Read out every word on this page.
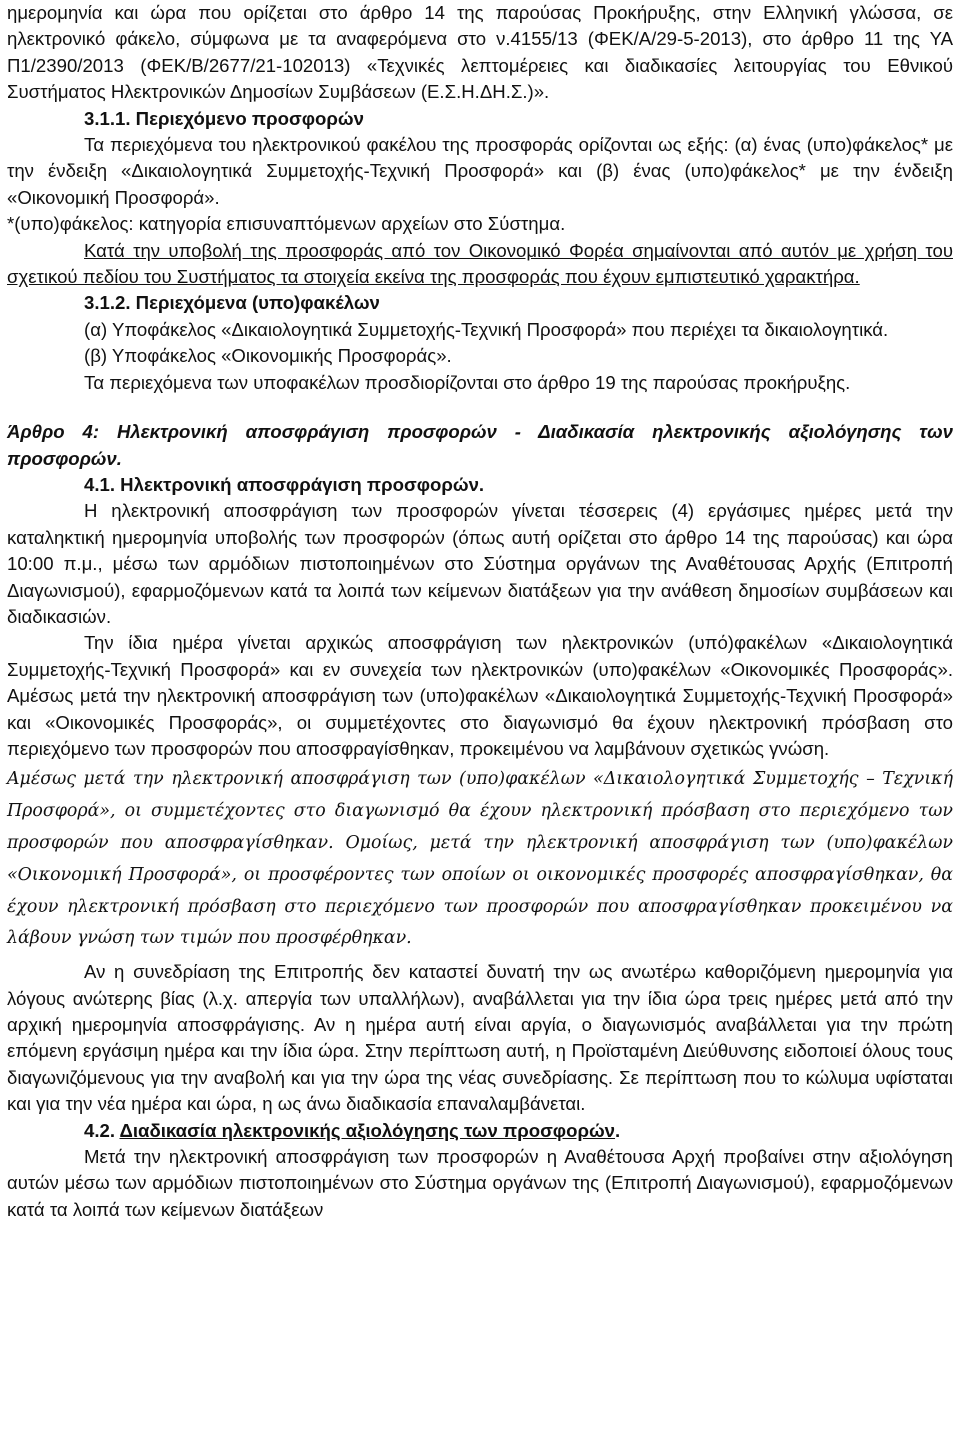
ημερομηνία και ώρα που ορίζεται στο άρθρο 14 της παρούσας Προκήρυξης, στην Ελληνική γλώσσα, σε ηλεκτρονικό φάκελο, σύμφωνα με τα αναφερόμενα στο ν.4155/13 (ΦΕΚ/Α/29-5-2013), στο άρθρο 11 της ΥΑ Π1/2390/2013 (ΦΕΚ/Β/2677/21-102013) «Τεχνικές λεπτομέρειες και διαδικασίες λειτουργίας του Εθνικού Συστήματος Ηλεκτρονικών Δημοσίων Συμβάσεων (Ε.Σ.Η.ΔΗ.Σ.)».

3.1.1. Περιεχόμενο προσφορών

Τα περιεχόμενα του ηλεκτρονικού φακέλου της προσφοράς ορίζονται ως εξής: (α) ένας (υπο)φάκελος* με την ένδειξη «Δικαιολογητικά Συμμετοχής-Τεχνική Προσφορά» και (β) ένας (υπο)φάκελος* με την ένδειξη «Οικονομική Προσφορά».

*(υπο)φάκελος: κατηγορία επισυναπτόμενων αρχείων στο Σύστημα.

Κατά την υποβολή της προσφοράς από τον Οικονομικό Φορέα σημαίνονται από αυτόν με χρήση του σχετικού πεδίου του Συστήματος τα στοιχεία εκείνα της προσφοράς που έχουν εμπιστευτικό χαρακτήρα.

3.1.2. Περιεχόμενα (υπο)φακέλων

(α) Υποφάκελος «Δικαιολογητικά Συμμετοχής-Τεχνική Προσφορά» που περιέχει τα δικαιολογητικά.

(β) Υποφάκελος «Οικονομικής Προσφοράς».

Τα περιεχόμενα των υποφακέλων προσδιορίζονται στο άρθρο 19 της παρούσας προκήρυξης.

Άρθρο 4: Ηλεκτρονική αποσφράγιση προσφορών - Διαδικασία ηλεκτρονικής αξιολόγησης των προσφορών.

4.1. Ηλεκτρονική αποσφράγιση προσφορών.

Η ηλεκτρονική αποσφράγιση των προσφορών γίνεται τέσσερεις (4) εργάσιμες ημέρες μετά την καταληκτική ημερομηνία υποβολής των προσφορών (όπως αυτή ορίζεται στο άρθρο 14 της παρούσας) και ώρα 10:00 π.μ., μέσω των αρμόδιων πιστοποιημένων στο Σύστημα οργάνων της Αναθέτουσας Αρχής (Επιτροπή Διαγωνισμού), εφαρμοζόμενων κατά τα λοιπά των κείμενων διατάξεων για την ανάθεση δημοσίων συμβάσεων και διαδικασιών.

Την ίδια ημέρα γίνεται αρχικώς αποσφράγιση των ηλεκτρονικών (υπό)φακέλων «Δικαιολογητικά Συμμετοχής-Τεχνική Προσφορά» και εν συνεχεία των ηλεκτρονικών (υπο)φακέλων «Οικονομικές Προσφοράς». Αμέσως μετά την ηλεκτρονική αποσφράγιση των (υπο)φακέλων «Δικαιολογητικά Συμμετοχής-Τεχνική Προσφορά» και «Οικονομικές Προσφοράς», οι συμμετέχοντες στο διαγωνισμό θα έχουν ηλεκτρονική πρόσβαση στο περιεχόμενο των προσφορών που αποσφραγίσθηκαν, προκειμένου να λαμβάνουν σχετικώς γνώση.

Αμέσως μετά την ηλεκτρονική αποσφράγιση των (υπο)φακέλων «Δικαιολογητικά Συμμετοχής – Τεχνική Προσφορά», οι συμμετέχοντες στο διαγωνισμό θα έχουν ηλεκτρονική πρόσβαση στο περιεχόμενο των προσφορών που αποσφραγίσθηκαν. Ομοίως, μετά την ηλεκτρονική αποσφράγιση των (υπο)φακέλων «Οικονομική Προσφορά», οι προσφέροντες των οποίων οι οικονομικές προσφορές αποσφραγίσθηκαν, θα έχουν ηλεκτρονική πρόσβαση στο περιεχόμενο των προσφορών που αποσφραγίσθηκαν προκειμένου να λάβουν γνώση των τιμών που προσφέρθηκαν.

Αν η συνεδρίαση της Επιτροπής δεν καταστεί δυνατή την ως ανωτέρω καθοριζόμενη ημερομηνία για λόγους ανώτερης βίας (λ.χ. απεργία των υπαλλήλων), αναβάλλεται για την ίδια ώρα τρεις ημέρες μετά από την αρχική ημερομηνία αποσφράγισης. Αν η ημέρα αυτή είναι αργία, ο διαγωνισμός αναβάλλεται για την πρώτη επόμενη εργάσιμη ημέρα και την ίδια ώρα. Στην περίπτωση αυτή, η Προϊσταμένη Διεύθυνσης ειδοποιεί όλους τους διαγωνιζόμενους για την αναβολή και για την ώρα της νέας συνεδρίασης. Σε περίπτωση που το κώλυμα υφίσταται και για την νέα ημέρα και ώρα, η ως άνω διαδικασία επαναλαμβάνεται.

4.2. Διαδικασία ηλεκτρονικής αξιολόγησης των προσφορών.

Μετά την ηλεκτρονική αποσφράγιση των προσφορών η Αναθέτουσα Αρχή προβαίνει στην αξιολόγηση αυτών μέσω των αρμόδιων πιστοποιημένων στο Σύστημα οργάνων της (Επιτροπή Διαγωνισμού), εφαρμοζόμενων κατά τα λοιπά των κείμενων διατάξεων
